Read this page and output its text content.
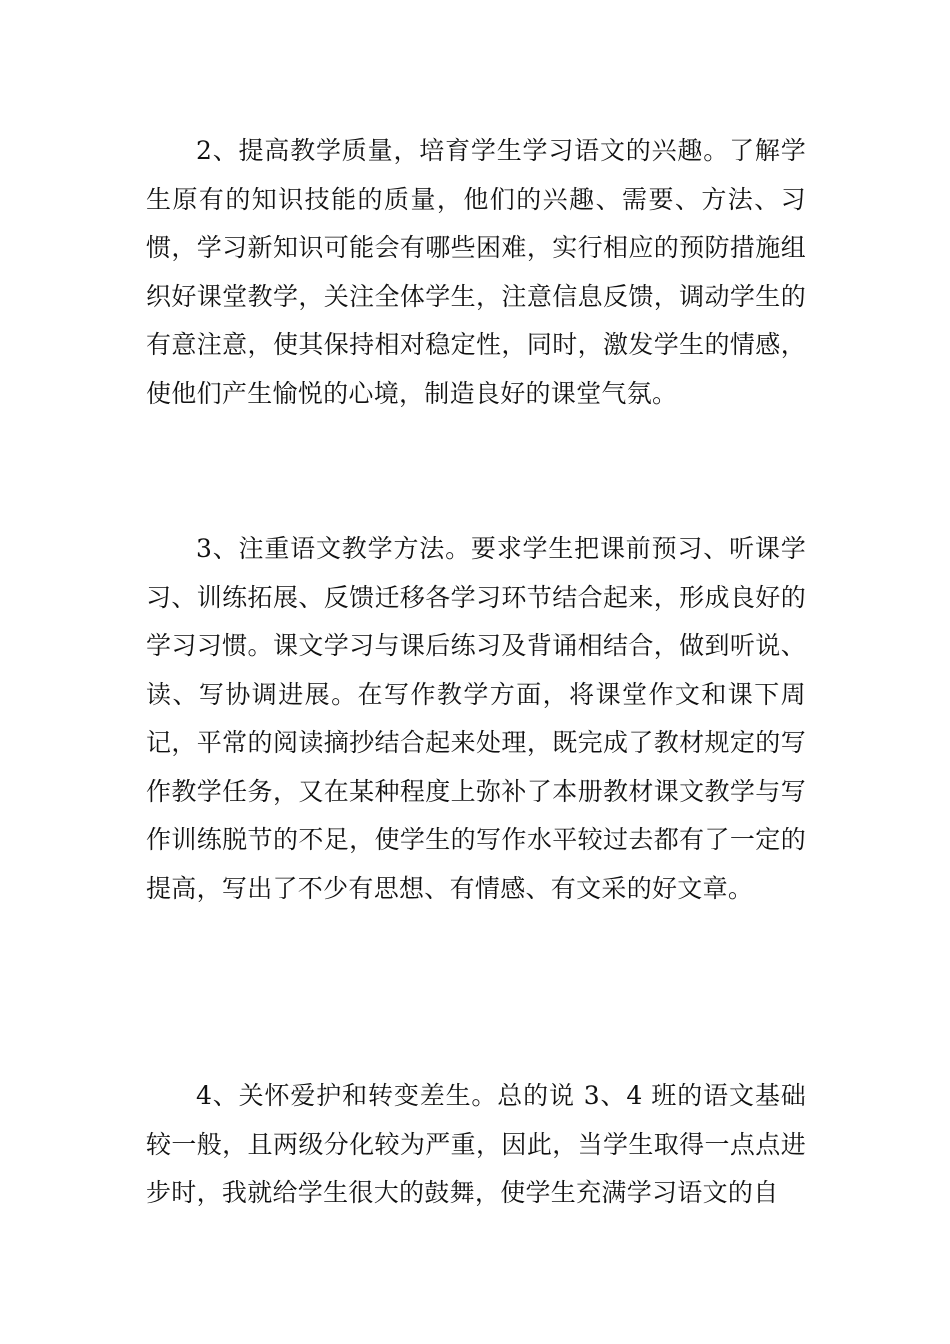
2、提高教学质量，培育学生学习语文的兴趣。了解学生原有的知识技能的质量，他们的兴趣、需要、方法、习惯，学习新知识可能会有哪些困难，实行相应的预防措施组织好课堂教学，关注全体学生，注意信息反馈，调动学生的有意注意，使其保持相对稳定性，同时，激发学生的情感，使他们产生愉悦的心境，制造良好的课堂气氛。

3、注重语文教学方法。要求学生把课前预习、听课学习、训练拓展、反馈迁移各学习环节结合起来，形成良好的学习习惯。课文学习与课后练习及背诵相结合，做到听说、读、写协调进展。在写作教学方面，将课堂作文和课下周记，平常的阅读摘抄结合起来处理，既完成了教材规定的写作教学任务，又在某种程度上弥补了本册教材课文教学与写作训练脱节的不足，使学生的写作水平较过去都有了一定的提高，写出了不少有思想、有情感、有文采的好文章。

4、关怀爱护和转变差生。总的说 3、4 班的语文基础较一般，且两级分化较为严重，因此，当学生取得一点点进步时，我就给学生很大的鼓舞，使学生充满学习语文的自
